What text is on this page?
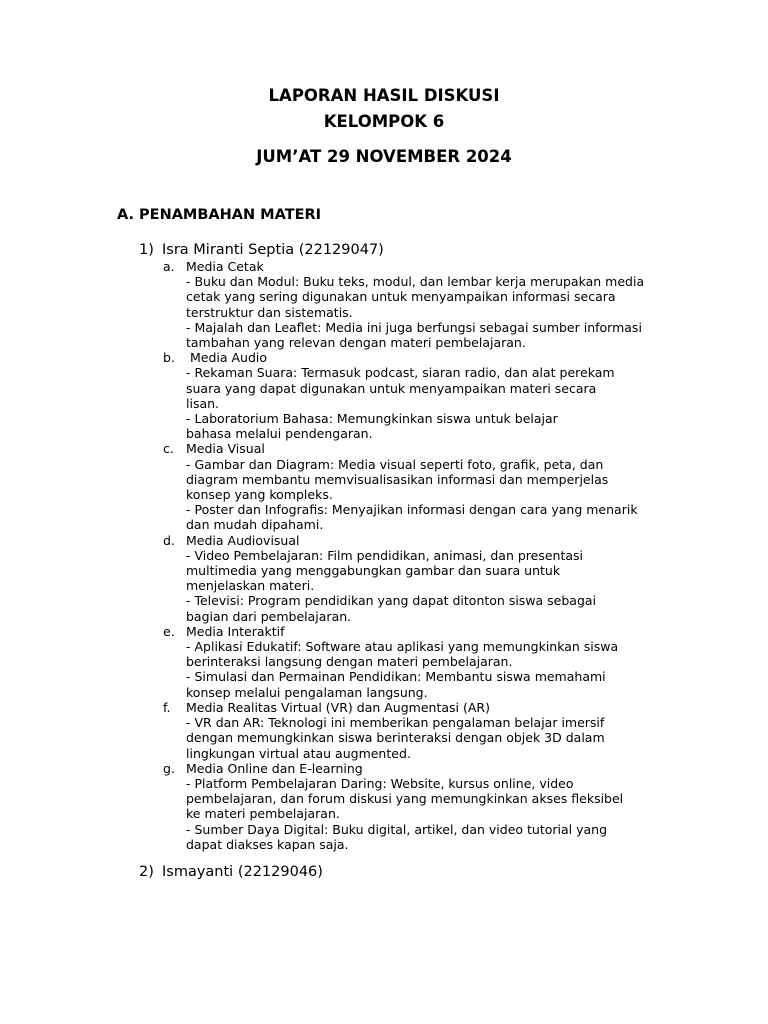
LAPORAN HASIL DISKUSI
KELOMPOK 6
JUM’AT 29 NOVEMBER 2024
A. PENAMBAHAN MATERI
1) Isra Miranti Septia (22129047)
a. Media Cetak
- Buku dan Modul: Buku teks, modul, dan lembar kerja merupakan media
cetak yang sering digunakan untuk menyampaikan informasi secara
terstruktur dan sistematis.
- Majalah dan Leaflet: Media ini juga berfungsi sebagai sumber informasi
tambahan yang relevan dengan materi pembelajaran.
b. Media Audio
- Rekaman Suara: Termasuk podcast, siaran radio, dan alat perekam
suara yang dapat digunakan untuk menyampaikan materi secara
lisan.
- Laboratorium Bahasa: Memungkinkan siswa untuk belajar
bahasa melalui pendengaran.
c. Media Visual
- Gambar dan Diagram: Media visual seperti foto, grafik, peta, dan
diagram membantu memvisualisasikan informasi dan memperjelas
konsep yang kompleks.
- Poster dan Infografis: Menyajikan informasi dengan cara yang menarik
dan mudah dipahami.
d. Media Audiovisual
- Video Pembelajaran: Film pendidikan, animasi, dan presentasi
multimedia yang menggabungkan gambar dan suara untuk
menjelaskan materi.
- Televisi: Program pendidikan yang dapat ditonton siswa sebagai
bagian dari pembelajaran.
e. Media Interaktif
- Aplikasi Edukatif: Software atau aplikasi yang memungkinkan siswa
berinteraksi langsung dengan materi pembelajaran.
- Simulasi dan Permainan Pendidikan: Membantu siswa memahami
konsep melalui pengalaman langsung.
f. Media Realitas Virtual (VR) dan Augmentasi (AR)
- VR dan AR: Teknologi ini memberikan pengalaman belajar imersif
dengan memungkinkan siswa berinteraksi dengan objek 3D dalam
lingkungan virtual atau augmented.
g. Media Online dan E-learning
- Platform Pembelajaran Daring: Website, kursus online, video
pembelajaran, dan forum diskusi yang memungkinkan akses fleksibel
ke materi pembelajaran.
- Sumber Daya Digital: Buku digital, artikel, dan video tutorial yang
dapat diakses kapan saja.
2) Ismayanti (22129046)
